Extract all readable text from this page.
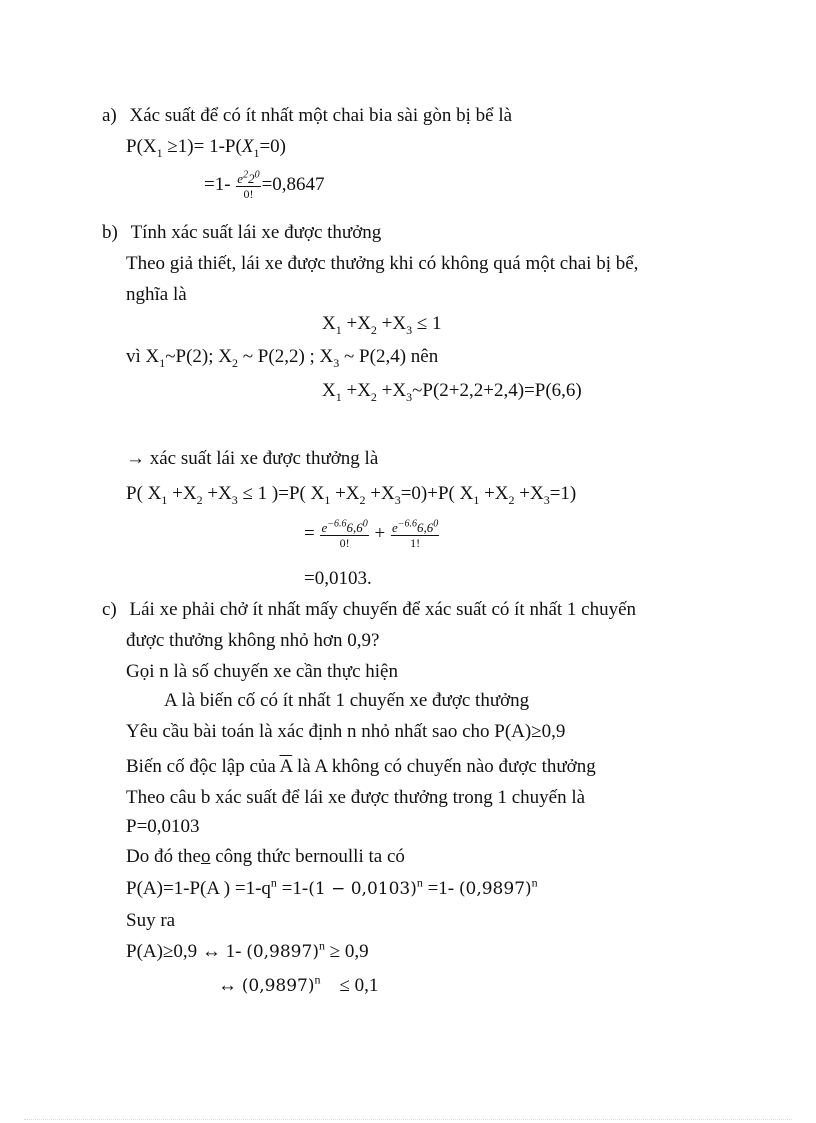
a) Xác suất để có ít nhất một chai bia sài gòn bị bể là
$P(X_1 \ge 1)= 1-P(X_1=0)$
$=1- \frac{e^22^0}{0!} =0,8647$
b) Tính xác suất lái xe được thưởng
Theo giả thiết, lái xe được thưởng khi có không quá một chai bị bể,
nghĩa là
$X_1 +X_2 +X_3 \le 1$
vì $X_1\sim P(2)$; $X_2$ ~ P(2,2) ; $X_3$ ~ P(2,4) nên
$X_1 +X_2$ $+X_3\sim P(2+2,2+2,4)=P(6,6)$
→ xác suất lái xe được thưởng là
P( $X_1 +X_2 +X_3 \le 1$ )=P( $X_1 +X_2 +X_3=0)+P$( $X_1 +X_2 +X_3=1$)
= $\frac{e^{-6.6}6,6^0}{0!} + \frac{e^{-6.6}6,6^0}{1!}$
=0,0103.
c) Lái xe phải chở ít nhất mấy chuyến để xác suất có ít nhất 1 chuyến
được thưởng không nhỏ hơn 0,9?
Gọi n là số chuyến xe cần thực hiện
A là biến cố có ít nhất 1 chuyến xe được thưởng
Yêu cầu bài toán là xác định n nhỏ nhất sao cho P(A)≥0,9
Biến cố độc lập của $\overline{A}$ là A không có chuyến nào được thưởng
Theo câu b xác suất để lái xe được thưởng trong 1 chuyến là
P=0,0103
Do đó theo công thức bernoulli ta có
P(A)=1-P(A ) $=1-q^n =1-(1 - 0,0103)^n =1-$ $(0,9897)^n$
Suy ra
P(A)≥0,9 ↔ 1- $(0,9897)^n \ge 0,9$
↔ $(0,9897)^n$    ≤ 0,1
